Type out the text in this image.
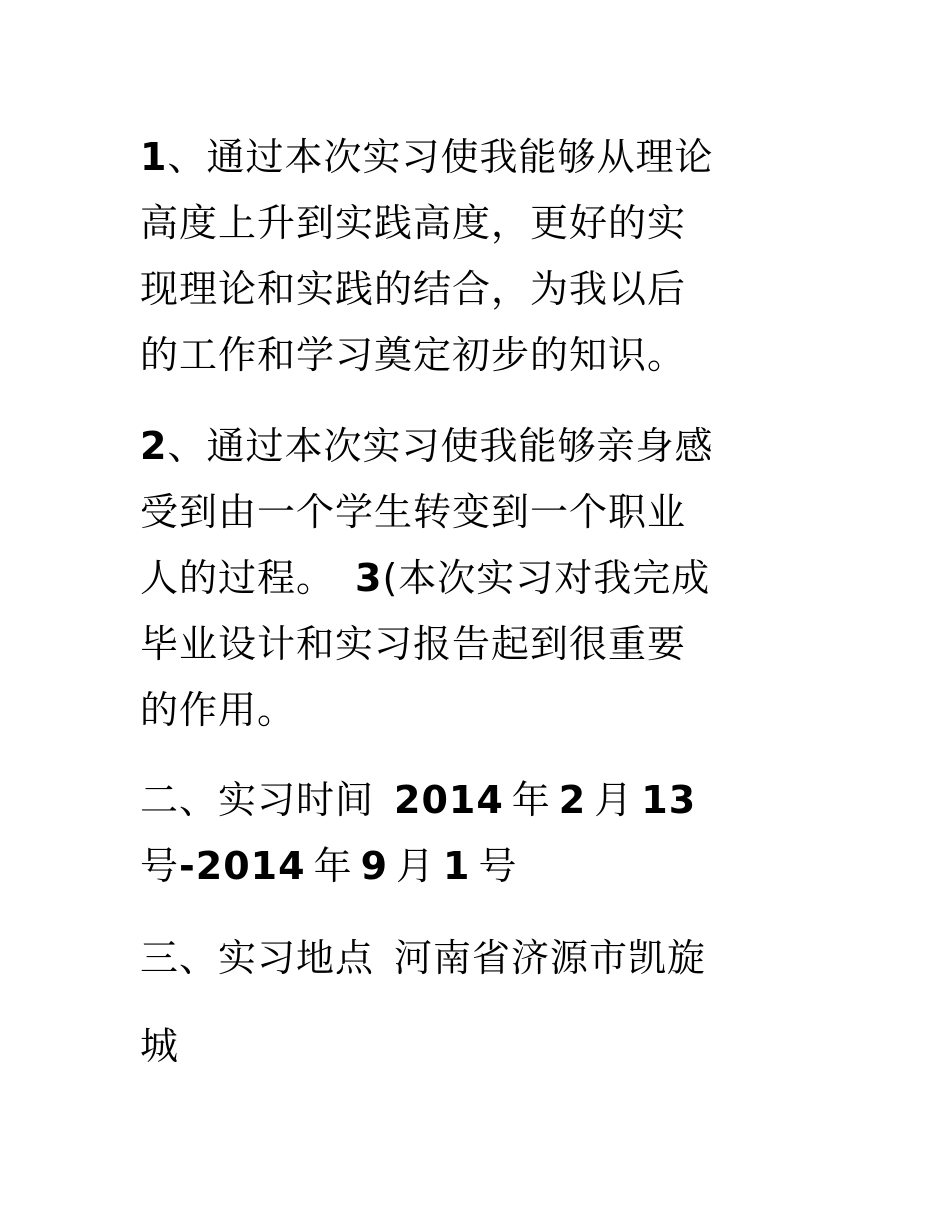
1、通过本次实习使我能够从理论
高度上升到实践高度，更好的实
现理论和实践的结合，为我以后
的工作和学习奠定初步的知识。

2、通过本次实习使我能够亲身感
受到由一个学生转变到一个职业
人的过程。 3(本次实习对我完成
毕业设计和实习报告起到很重要
的作用。

二、实习时间 2014 年 2 月 13
号-2014 年 9 月 1 号

三、实习地点 河南省济源市凯旋
城
